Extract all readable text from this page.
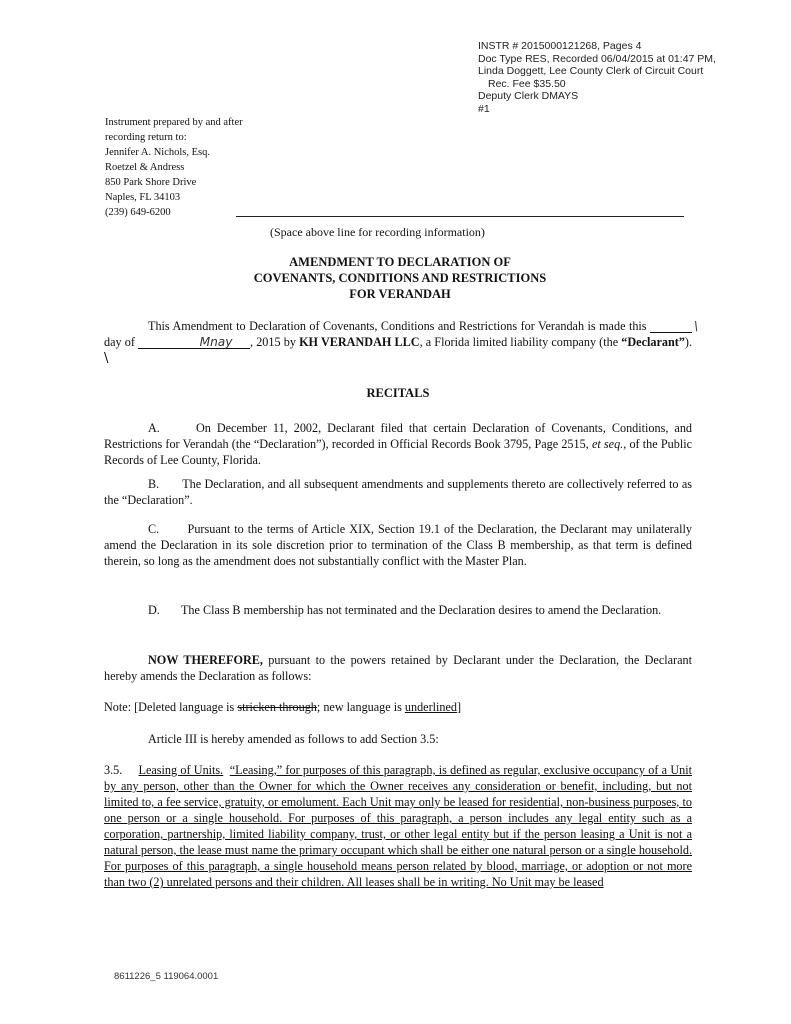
INSTR # 2015000121268, Pages 4
Doc Type RES, Recorded 06/04/2015 at 01:47 PM,
Linda Doggett, Lee County Clerk of Circuit Court
Rec. Fee $35.50
Deputy Clerk DMAYS
#1
Instrument prepared by and after
recording return to:
Jennifer A. Nichols, Esq.
Roetzel & Andress
850 Park Shore Drive
Naples, FL 34103
(239) 649-6200
(Space above line for recording information)
AMENDMENT TO DECLARATION OF
COVENANTS, CONDITIONS AND RESTRICTIONS
FOR VERANDAH
This Amendment to Declaration of Covenants, Conditions and Restrictions for Verandah is made this	\ day of	Mnay , 2015 by KH VERANDAH LLC, a Florida limited liability company (the “Declarant”). \
RECITALS
A.	On December 11, 2002, Declarant filed that certain Declaration of Covenants, Conditions, and Restrictions for Verandah (the “Declaration”), recorded in Official Records Book 3795, Page 2515, et seq., of the Public Records of Lee County, Florida.
B. The Declaration, and all subsequent amendments and supplements thereto are collectively referred to as the “Declaration”.
C. Pursuant to the terms of Article XIX, Section 19.1 of the Declaration, the Declarant may unilaterally amend the Declaration in its sole discretion prior to termination of the Class B membership, as that term is defined therein, so long as the amendment does not substantially conflict with the Master Plan.
D. The Class B membership has not terminated and the Declaration desires to amend the Declaration.
NOW THEREFORE, pursuant to the powers retained by Declarant under the Declaration, the Declarant hereby amends the Declaration as follows:
Note: [Deleted language is stricken through; new language is underlined]
Article III is hereby amended as follows to add Section 3.5:
3.5. Leasing of Units. “Leasing,” for purposes of this paragraph, is defined as regular, exclusive occupancy of a Unit by any person, other than the Owner for which the Owner receives any consideration or benefit, including, but not limited to, a fee service, gratuity, or emolument. Each Unit may only be leased for residential, non-business purposes, to one person or a single household. For purposes of this paragraph, a person includes any legal entity such as a corporation, partnership, limited liability company, trust, or other legal entity but if the person leasing a Unit is not a natural person, the lease must name the primary occupant which shall be either one natural person or a single household. For purposes of this paragraph, a single household means person related by blood, marriage, or adoption or not more than two (2) unrelated persons and their children. All leases shall be in writing. No Unit may be leased
8611226_5 119064.0001
